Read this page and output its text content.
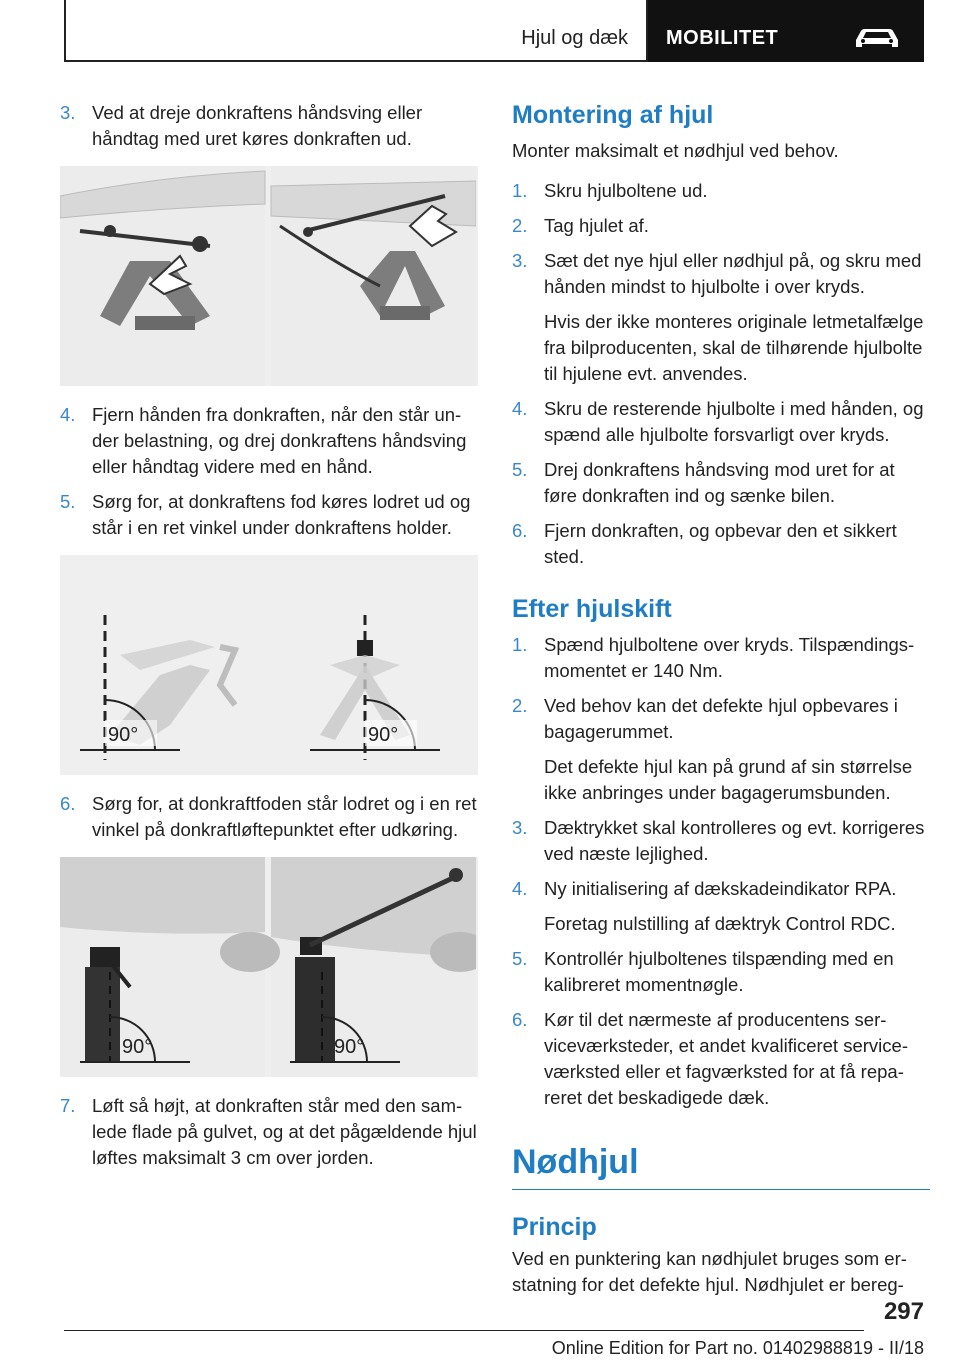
Hjul og dæk MOBILITET
3. Ved at dreje donkraftens håndsving eller håndtag med uret køres donkraften ud.
4. Fjern hånden fra donkraften, når den står under belastning, og drej donkraftens håndsving eller håndtag videre med en hånd.
5. Sørg for, at donkraftens fod køres lodret ud og står i en ret vinkel under donkraftens holder.
90°	90°
6. Sørg for, at donkraftfoden står lodret og i en ret vinkel på donkraftløftepunktet efter udkøring.
90°	90°
7. Løft så højt, at donkraften står med den samlede flade på gulvet, og at det pågældende hjul løftes maksimalt 3 cm over jorden.
Montering af hjul
Monter maksimalt et nødhjul ved behov.
1. Skru hjulboltene ud.
2. Tag hjulet af.
3. Sæt det nye hjul eller nødhjul på, og skru med hånden mindst to hjulbolte i over kryds.
Hvis der ikke monteres originale letmetalfælge fra bilproducenten, skal de tilhørende hjulbolte til hjulene evt. anvendes.
4. Skru de resterende hjulbolte i med hånden, og spænd alle hjulbolte forsvarligt over kryds.
5. Drej donkraftens håndsving mod uret for at føre donkraften ind og sænke bilen.
6. Fjern donkraften, og opbevar den et sikkert sted.
Efter hjulskift
1. Spænd hjulboltene over kryds. Tilspændingsmomentet er 140 Nm.
2. Ved behov kan det defekte hjul opbevares i bagagerummet.
Det defekte hjul kan på grund af sin størrelse ikke anbringes under bagagerumsbunden.
3. Dæktrykket skal kontrolleres og evt. korrigeres ved næste lejlighed.
4. Ny initialisering af dækskadeindikator RPA.
Foretag nulstilling af dæktryk Control RDC.
5. Kontrollér hjulboltenes tilspænding med en kalibreret momentnøgle.
6. Kør til det nærmeste af producentens serviceværksteder, et andet kvalificeret serviceværksted eller et fagværksted for at få repareret det beskadigede dæk.
Nødhjul
Princip
Ved en punktering kan nødhjulet bruges som erstatning for det defekte hjul. Nødhjulet er bereg-
297
Online Edition for Part no. 01402988819 - II/18
